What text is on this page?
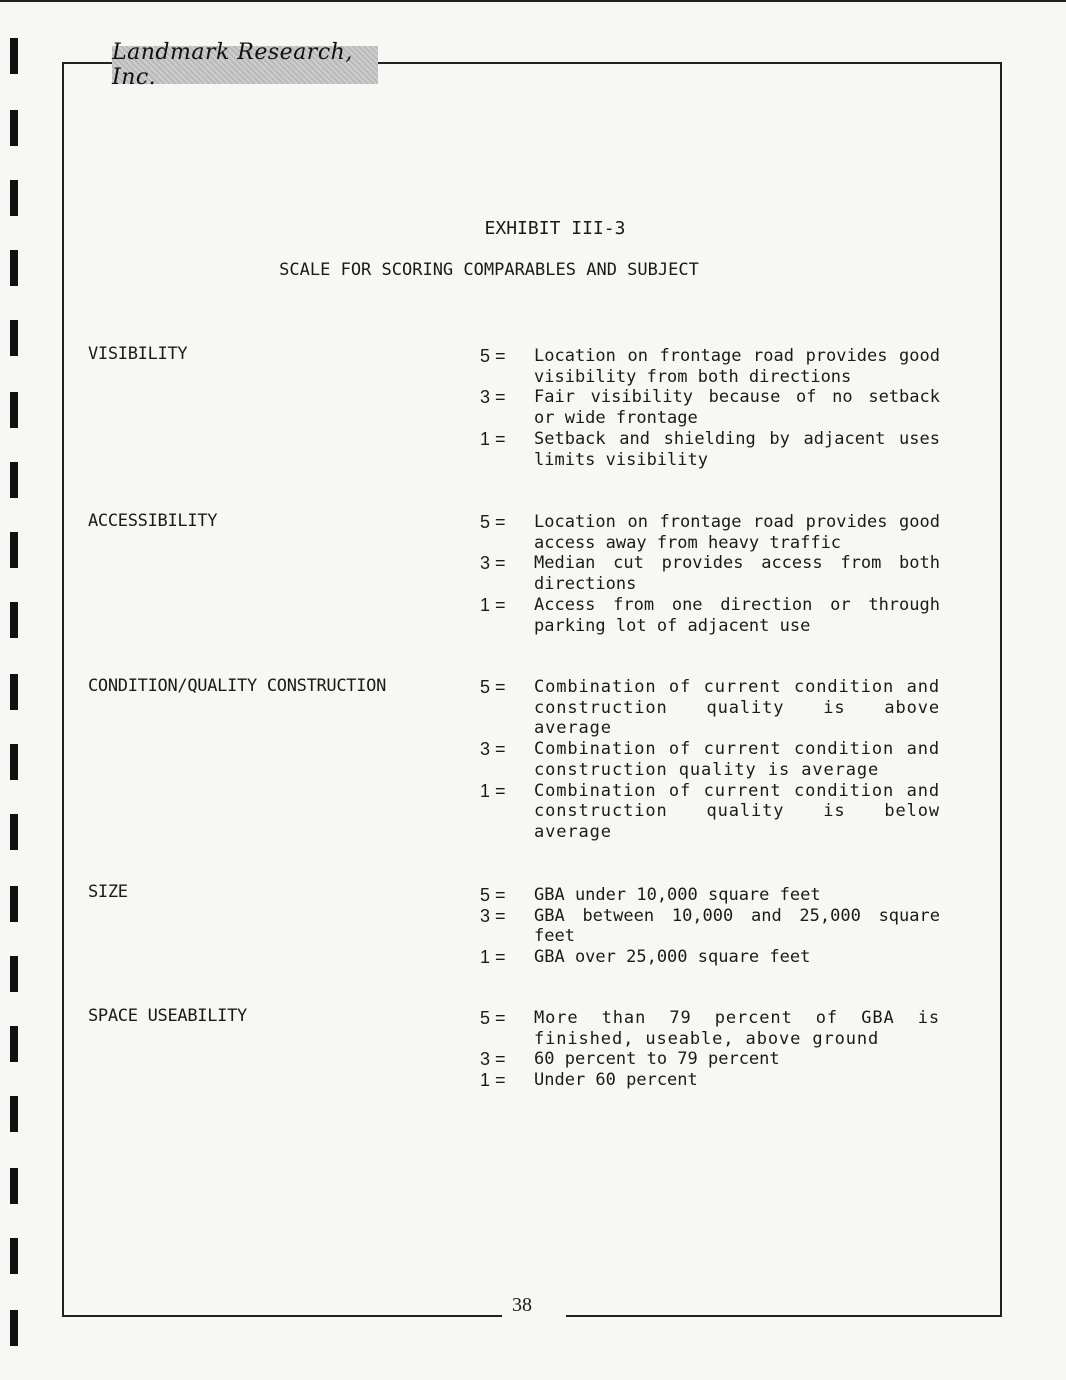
Landmark Research, Inc.
EXHIBIT III-3
SCALE FOR SCORING COMPARABLES AND SUBJECT
VISIBILITY	5 =	Location on frontage road provides good visibility from both directions
3 =	Fair visibility because of no setback or wide frontage
1 =	Setback and shielding by adjacent uses limits visibility
ACCESSIBILITY	5 =	Location on frontage road provides good access away from heavy traffic
3 =	Median cut provides access from both directions
1 =	Access from one direction or through parking lot of adjacent use
CONDITION/QUALITY CONSTRUCTION	5 =	Combination of current condition and construction quality is above average
3 =	Combination of current condition and construction quality is average
1 =	Combination of current condition and construction quality is below average
SIZE	5 =	GBA under 10,000 square feet
3 =	GBA between 10,000 and 25,000 square feet
1 =	GBA over 25,000 square feet
SPACE USEABILITY	5 =	More than 79 percent of GBA is finished, useable, above ground
3 =	60 percent to 79 percent
1 =	Under 60 percent
38
